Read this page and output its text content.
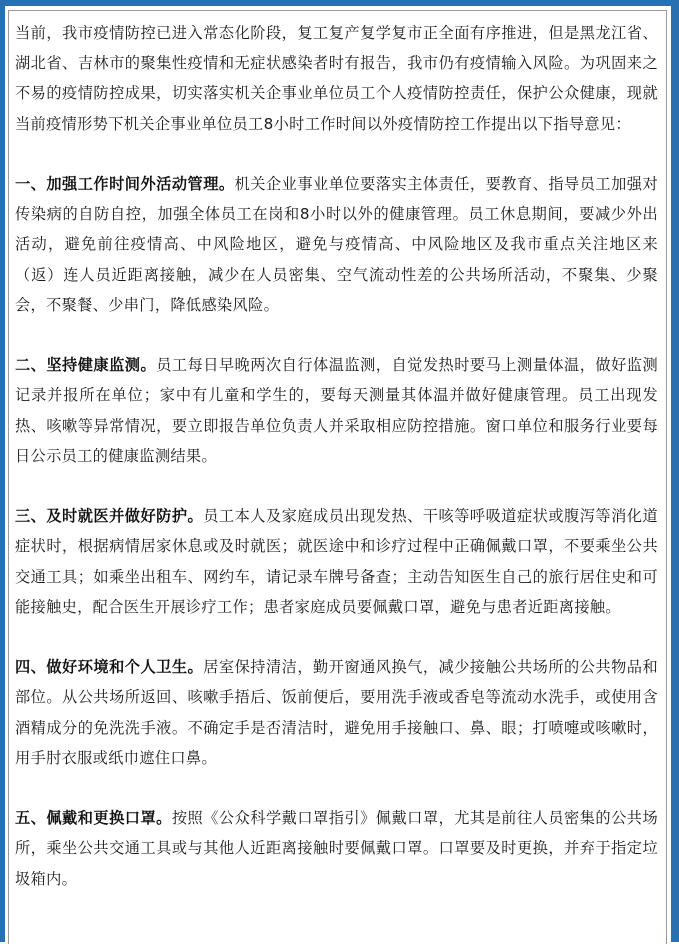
当前，我市疫情防控已进入常态化阶段，复工复产复学复市正全面有序推进，但是黑龙江省、湖北省、吉林市的聚集性疫情和无症状感染者时有报告，我市仍有疫情输入风险。为巩固来之不易的疫情防控成果，切实落实机关企事业单位员工个人疫情防控责任，保护公众健康，现就当前疫情形势下机关企事业单位员工8小时工作时间以外疫情防控工作提出以下指导意见：

一、加强工作时间外活动管理。机关企业事业单位要落实主体责任，要教育、指导员工加强对传染病的自防自控，加强全体员工在岗和8小时以外的健康管理。员工休息期间，要减少外出活动，避免前往疫情高、中风险地区，避免与疫情高、中风险地区及我市重点关注地区来（返）连人员近距离接触，减少在人员密集、空气流动性差的公共场所活动，不聚集、少聚会，不聚餐、少串门，降低感染风险。

二、坚持健康监测。员工每日早晚两次自行体温监测，自觉发热时要马上测量体温，做好监测记录并报所在单位；家中有儿童和学生的，要每天测量其体温并做好健康管理。员工出现发热、咳嗽等异常情况，要立即报告单位负责人并采取相应防控措施。窗口单位和服务行业要每日公示员工的健康监测结果。

三、及时就医并做好防护。员工本人及家庭成员出现发热、干咳等呼吸道症状或腹泻等消化道症状时，根据病情居家休息或及时就医；就医途中和诊疗过程中正确佩戴口罩，不要乘坐公共交通工具；如乘坐出租车、网约车，请记录车牌号备查；主动告知医生自己的旅行居住史和可能接触史，配合医生开展诊疗工作；患者家庭成员要佩戴口罩，避免与患者近距离接触。

四、做好环境和个人卫生。居室保持清洁，勤开窗通风换气，减少接触公共场所的公共物品和部位。从公共场所返回、咳嗽手捂后、饭前便后，要用洗手液或香皂等流动水洗手，或使用含酒精成分的免洗洗手液。不确定手是否清洁时，避免用手接触口、鼻、眼；打喷嚏或咳嗽时，用手肘衣服或纸巾遮住口鼻。

五、佩戴和更换口罩。按照《公众科学戴口罩指引》佩戴口罩，尤其是前往人员密集的公共场所，乘坐公共交通工具或与其他人近距离接触时要佩戴口罩。口罩要及时更换，并弃于指定垃圾箱内。
